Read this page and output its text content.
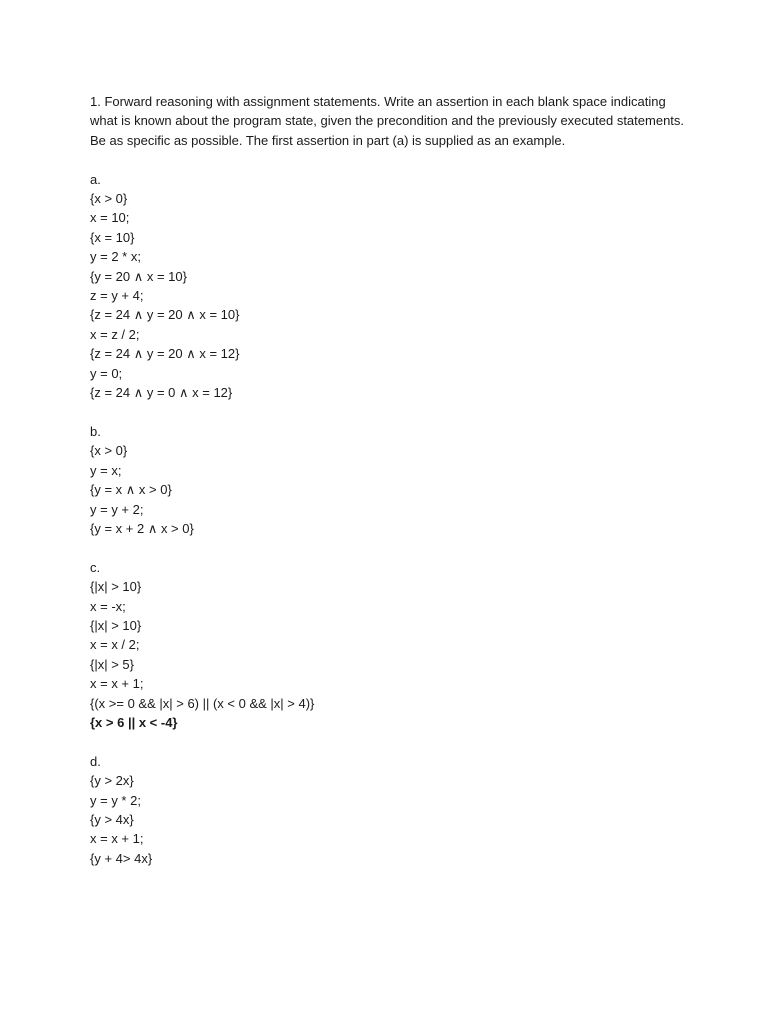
1. Forward reasoning with assignment statements. Write an assertion in each blank space indicating what is known about the program state, given the precondition and the previously executed statements. Be as specific as possible. The first assertion in part (a) is supplied as an example.

a.
{x > 0}
x = 10;
{x = 10}
y = 2 * x;
{y = 20 ∧ x = 10}
z = y + 4;
{z = 24 ∧ y = 20 ∧ x = 10}
x = z / 2;
{z = 24 ∧ y = 20 ∧ x = 12}
y = 0;
{z = 24 ∧ y = 0 ∧ x = 12}
b.
{x > 0}
y = x;
{y = x ∧ x > 0}
y = y + 2;
{y = x + 2 ∧ x > 0}
c.
{|x| > 10}
x = -x;
{|x| > 10}
x = x / 2;
{|x| > 5}
x = x + 1;
{(x >= 0 && |x| > 6) || (x < 0 && |x| > 4)}
{x > 6 || x < -4}
d.
{y > 2x}
y = y * 2;
{y > 4x}
x = x + 1;
{y + 4> 4x}
